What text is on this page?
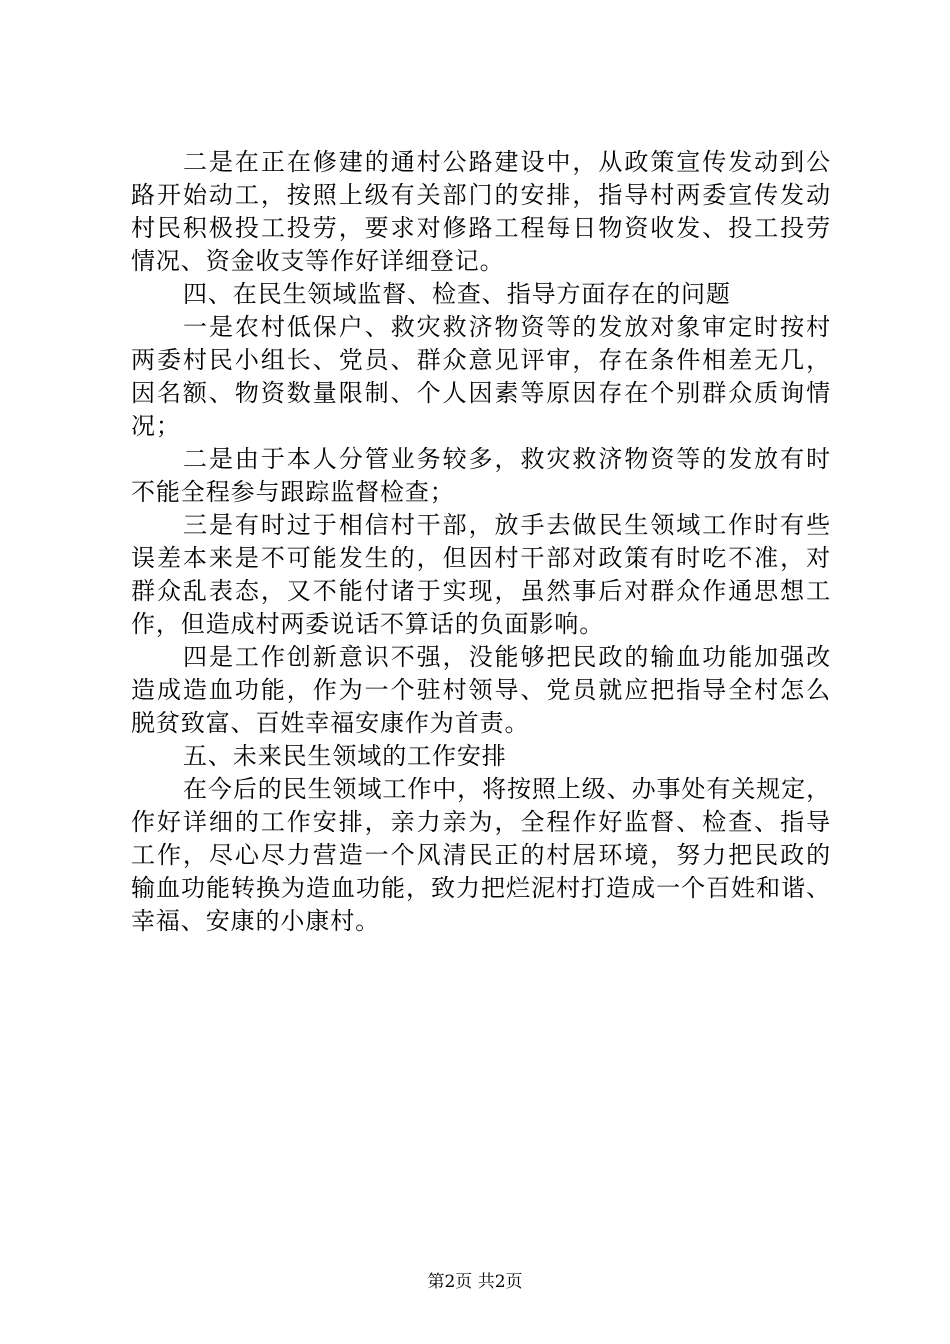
二是在正在修建的通村公路建设中，从政策宣传发动到公
路开始动工，按照上级有关部门的安排，指导村两委宣传发动
村民积极投工投劳，要求对修路工程每日物资收发、投工投劳
情况、资金收支等作好详细登记。
四、在民生领域监督、检查、指导方面存在的问题
一是农村低保户、救灾救济物资等的发放对象审定时按村
两委村民小组长、党员、群众意见评审，存在条件相差无几，
因名额、物资数量限制、个人因素等原因存在个别群众质询情
况；
二是由于本人分管业务较多，救灾救济物资等的发放有时
不能全程参与跟踪监督检查；
三是有时过于相信村干部，放手去做民生领域工作时有些
误差本来是不可能发生的，但因村干部对政策有时吃不准，对
群众乱表态，又不能付诸于实现，虽然事后对群众作通思想工
作，但造成村两委说话不算话的负面影响。
四是工作创新意识不强，没能够把民政的输血功能加强改
造成造血功能，作为一个驻村领导、党员就应把指导全村怎么
脱贫致富、百姓幸福安康作为首责。
五、未来民生领域的工作安排
在今后的民生领域工作中，将按照上级、办事处有关规定，
作好详细的工作安排，亲力亲为，全程作好监督、检查、指导
工作，尽心尽力营造一个风清民正的村居环境，努力把民政的
输血功能转换为造血功能，致力把烂泥村打造成一个百姓和谐、
幸福、安康的小康村。
第2页 共2页
